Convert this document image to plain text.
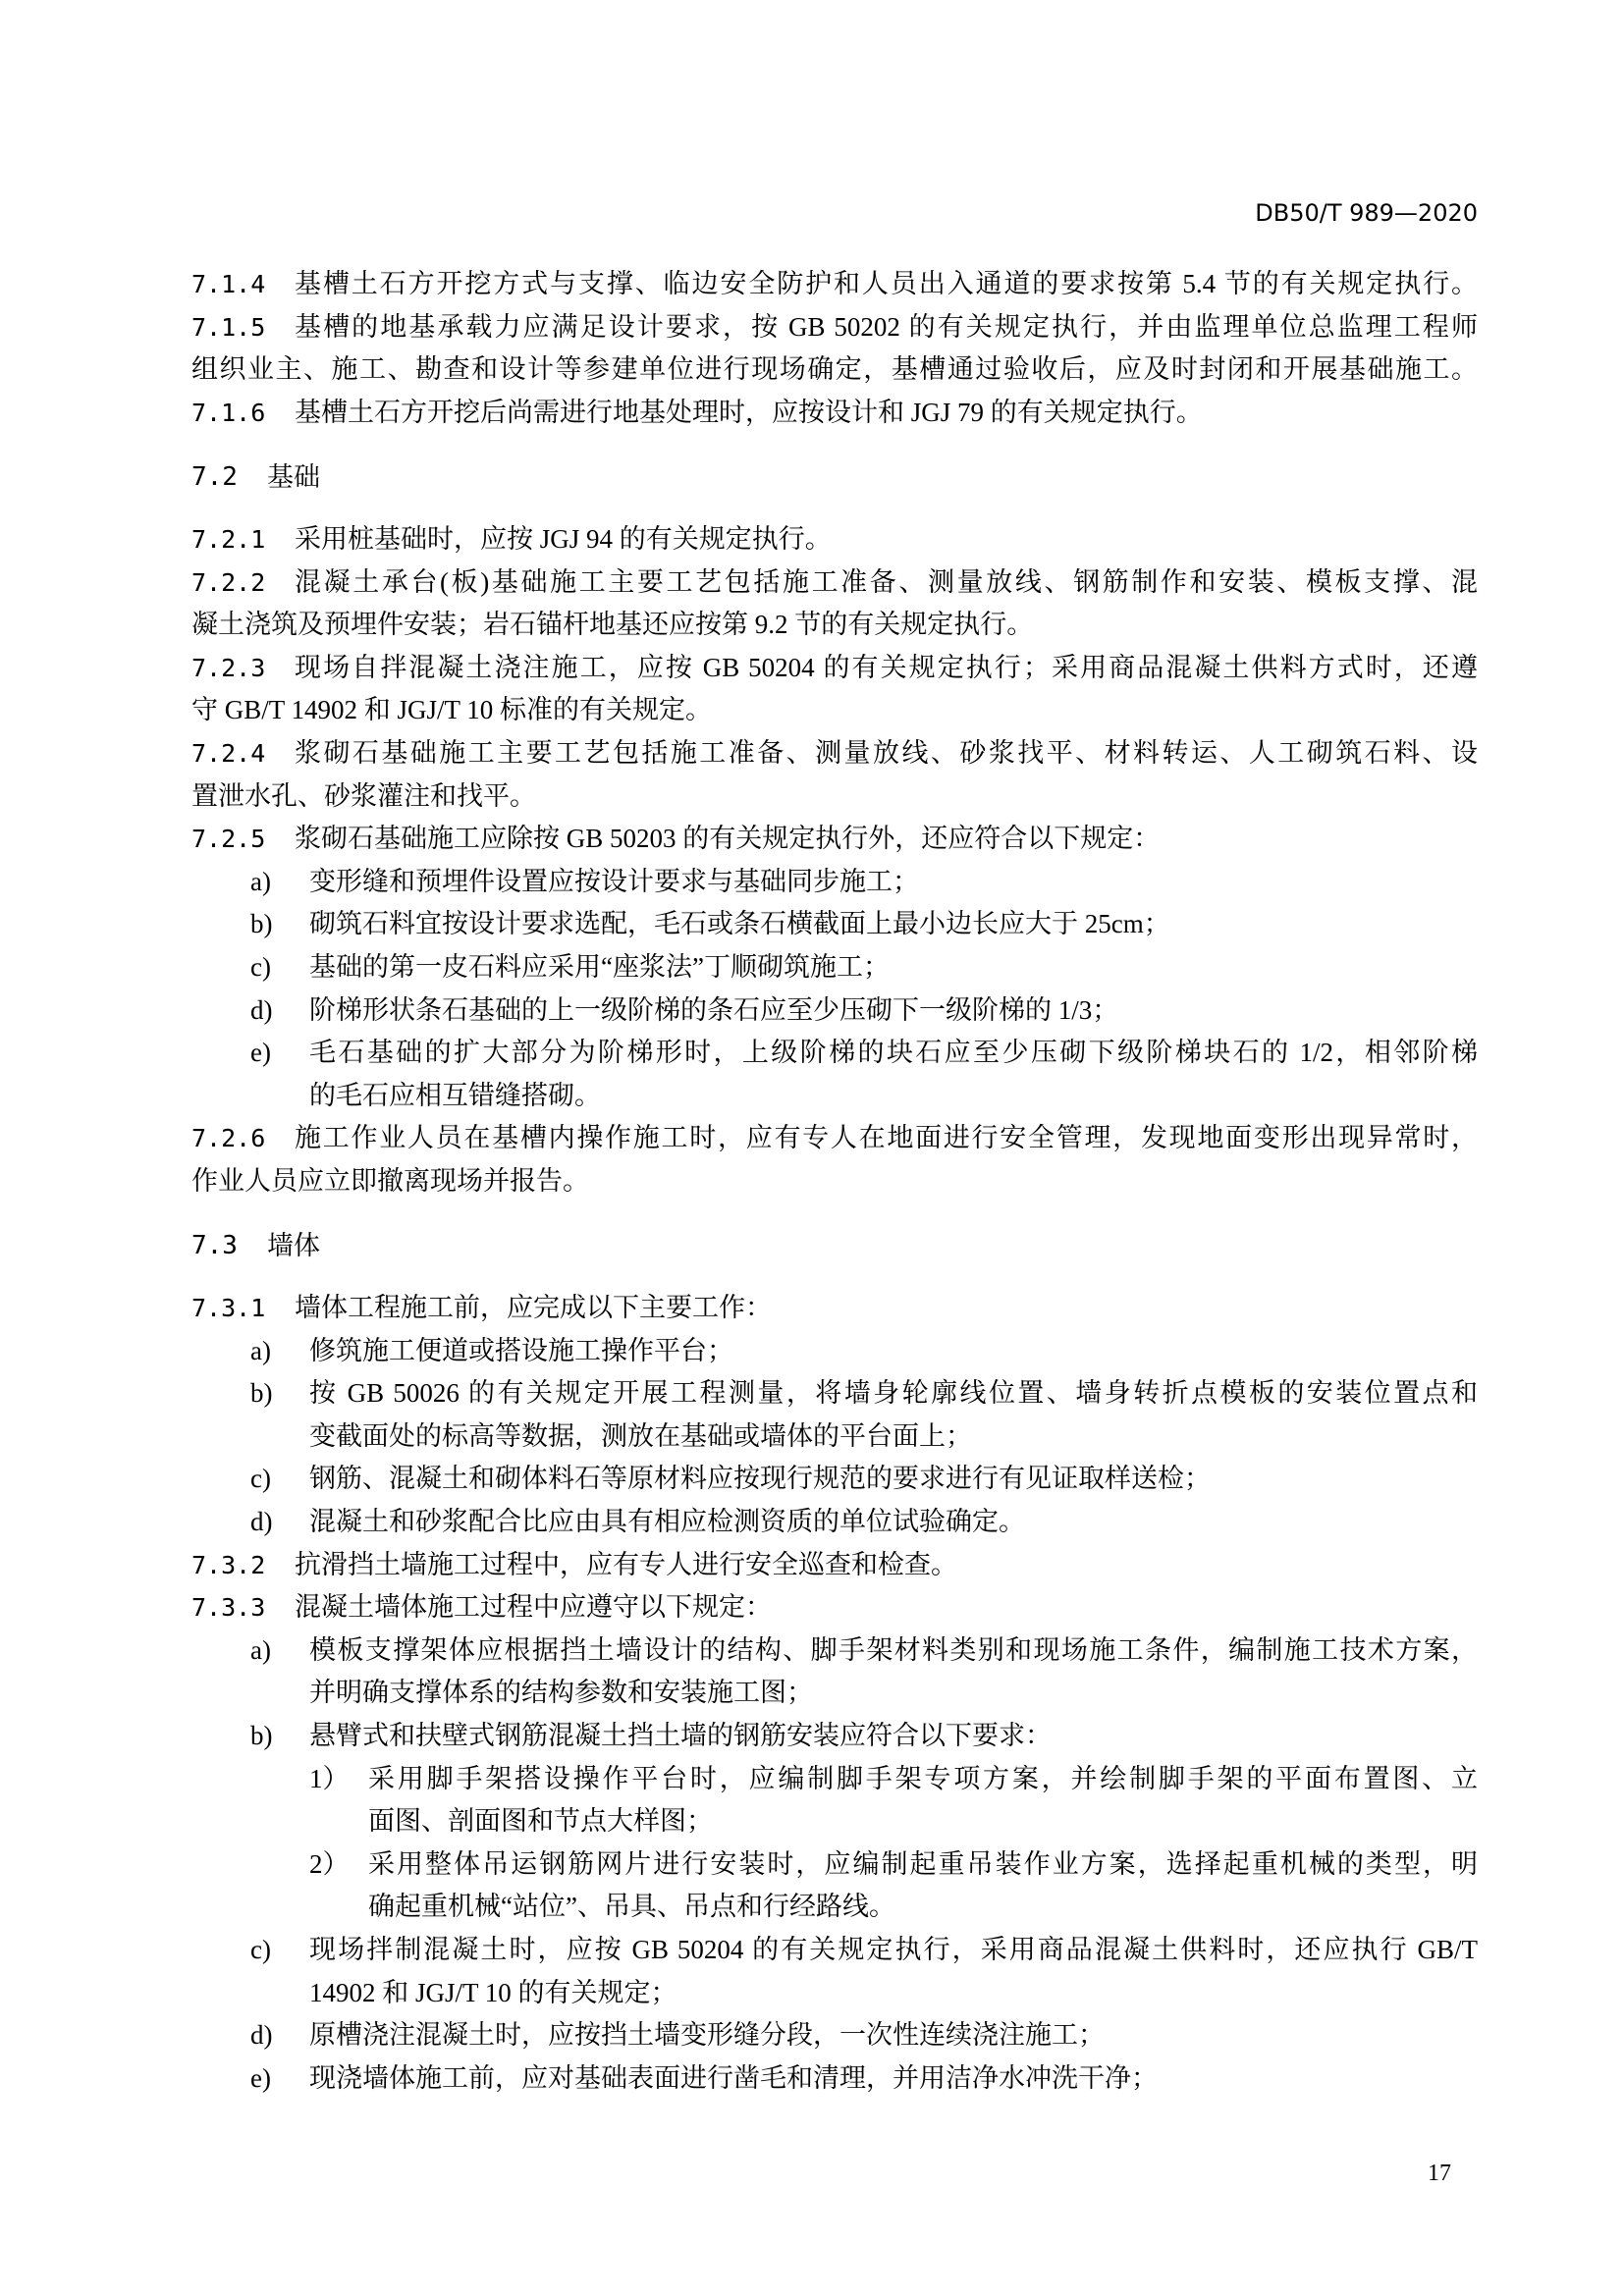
DB50/T 989—2020
7.1.4	基槽土石方开挖方式与支撑、临边安全防护和人员出入通道的要求按第 5.4 节的有关规定执行。
7.1.5	基槽的地基承载力应满足设计要求，按 GB 50202 的有关规定执行，并由监理单位总监理工程师
组织业主、施工、勘查和设计等参建单位进行现场确定，基槽通过验收后，应及时封闭和开展基础施工。
7.1.6	基槽土石方开挖后尚需进行地基处理时，应按设计和 JGJ 79 的有关规定执行。
7.2	基础
7.2.1	采用桩基础时，应按 JGJ 94 的有关规定执行。
7.2.2	混凝土承台(板)基础施工主要工艺包括施工准备、测量放线、钢筋制作和安装、模板支撑、混
凝土浇筑及预埋件安装；岩石锚杆地基还应按第 9.2 节的有关规定执行。
7.2.3	现场自拌混凝土浇注施工，应按 GB 50204 的有关规定执行；采用商品混凝土供料方式时，还遵
守 GB/T 14902 和 JGJ/T 10 标准的有关规定。
7.2.4	浆砌石基础施工主要工艺包括施工准备、测量放线、砂浆找平、材料转运、人工砌筑石料、设
置泄水孔、砂浆灌注和找平。
7.2.5	浆砌石基础施工应除按 GB 50203 的有关规定执行外，还应符合以下规定：
a)	变形缝和预埋件设置应按设计要求与基础同步施工；
b)	砌筑石料宜按设计要求选配，毛石或条石横截面上最小边长应大于 25cm；
c)	基础的第一皮石料应采用“座浆法”丁顺砌筑施工；
d)	阶梯形状条石基础的上一级阶梯的条石应至少压砌下一级阶梯的 1/3；
e)	毛石基础的扩大部分为阶梯形时，上级阶梯的块石应至少压砌下级阶梯块石的 1/2，相邻阶梯
的毛石应相互错缝搭砌。
7.2.6	施工作业人员在基槽内操作施工时，应有专人在地面进行安全管理，发现地面变形出现异常时，
作业人员应立即撤离现场并报告。
7.3	墙体
7.3.1	墙体工程施工前，应完成以下主要工作：
a)	修筑施工便道或搭设施工操作平台；
b)	按 GB 50026 的有关规定开展工程测量，将墙身轮廓线位置、墙身转折点模板的安装位置点和
变截面处的标高等数据，测放在基础或墙体的平台面上；
c)	钢筋、混凝土和砌体料石等原材料应按现行规范的要求进行有见证取样送检；
d)	混凝土和砂浆配合比应由具有相应检测资质的单位试验确定。
7.3.2	抗滑挡土墙施工过程中，应有专人进行安全巡查和检查。
7.3.3	混凝土墙体施工过程中应遵守以下规定：
a)	模板支撑架体应根据挡土墙设计的结构、脚手架材料类别和现场施工条件，编制施工技术方案，
并明确支撑体系的结构参数和安装施工图；
b)	悬臂式和扶壁式钢筋混凝土挡土墙的钢筋安装应符合以下要求：
1） 采用脚手架搭设操作平台时，应编制脚手架专项方案，并绘制脚手架的平面布置图、立
面图、剖面图和节点大样图；
2） 采用整体吊运钢筋网片进行安装时，应编制起重吊装作业方案，选择起重机械的类型，明
确起重机械“站位”、吊具、吊点和行经路线。
c)	现场拌制混凝土时，应按 GB 50204 的有关规定执行，采用商品混凝土供料时，还应执行 GB/T
14902 和 JGJ/T 10 的有关规定；
d)	原槽浇注混凝土时，应按挡土墙变形缝分段，一次性连续浇注施工；
e)	现浇墙体施工前，应对基础表面进行凿毛和清理，并用洁净水冲洗干净；
17
